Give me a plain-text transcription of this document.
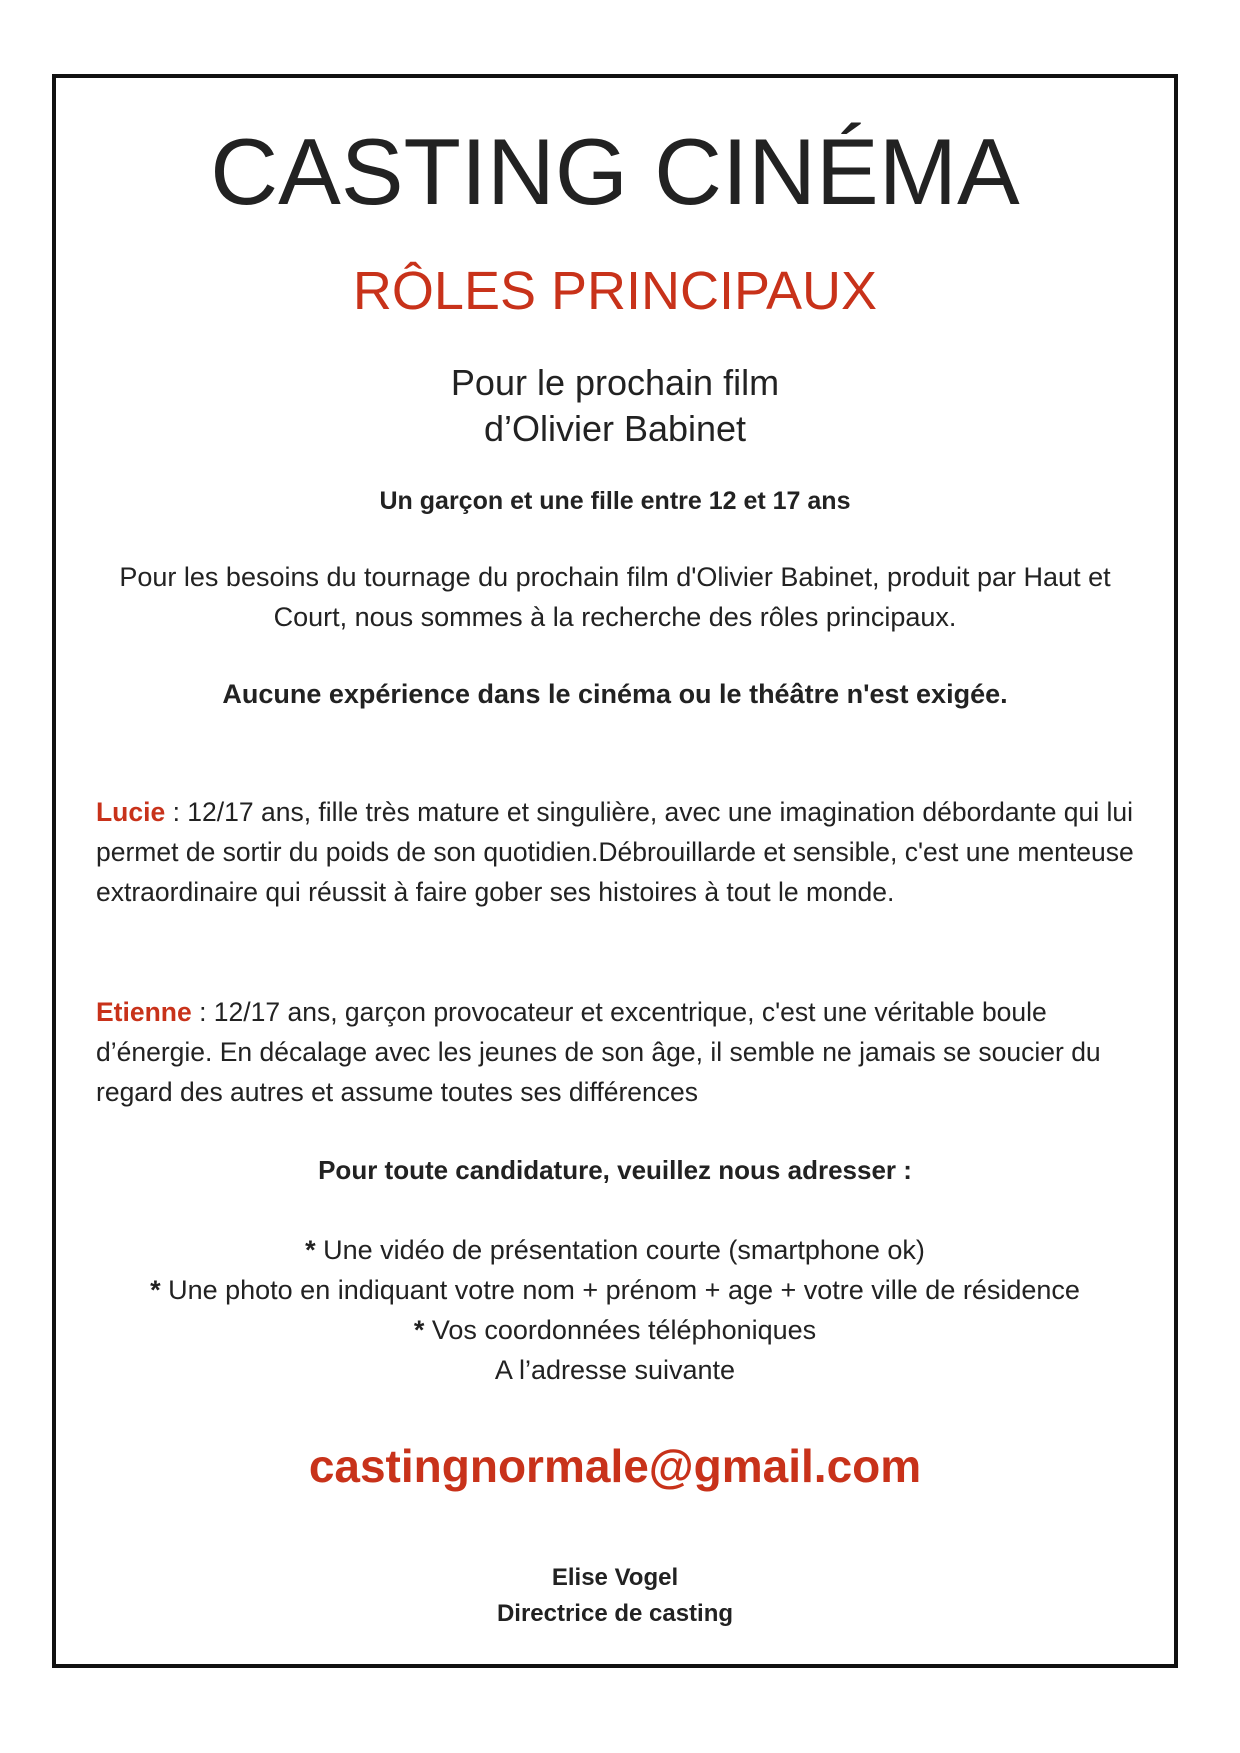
CASTING CINÉMA
RÔLES PRINCIPAUX

Pour le prochain film

d’Olivier Babinet

Un garçon et une fille entre 12 et 17 ans

Pour les besoins du tournage du prochain film d'Olivier Babinet, produit par Haut et Court, nous sommes à la recherche des rôles principaux.

Aucune expérience dans le cinéma ou le théâtre n'est exigée.

Lucie : 12/17 ans, fille très mature et singulière, avec une imagination débordante qui lui permet de sortir du poids de son quotidien.Débrouillarde et sensible, c'est une menteuse extraordinaire qui réussit à faire gober ses histoires à tout le monde.

Etienne : 12/17 ans, garçon provocateur et excentrique, c'est une véritable boule d’énergie. En décalage avec les jeunes de son âge, il semble ne jamais se soucier du regard des autres et assume toutes ses différences

Pour toute candidature, veuillez nous adresser :

* Une vidéo de présentation courte (smartphone ok)

* Une photo en indiquant votre nom + prénom + age + votre ville de résidence

* Vos coordonnées téléphoniques

A l’adresse suivante

castingnormale@gmail.com

Elise Vogel

Directrice de casting
